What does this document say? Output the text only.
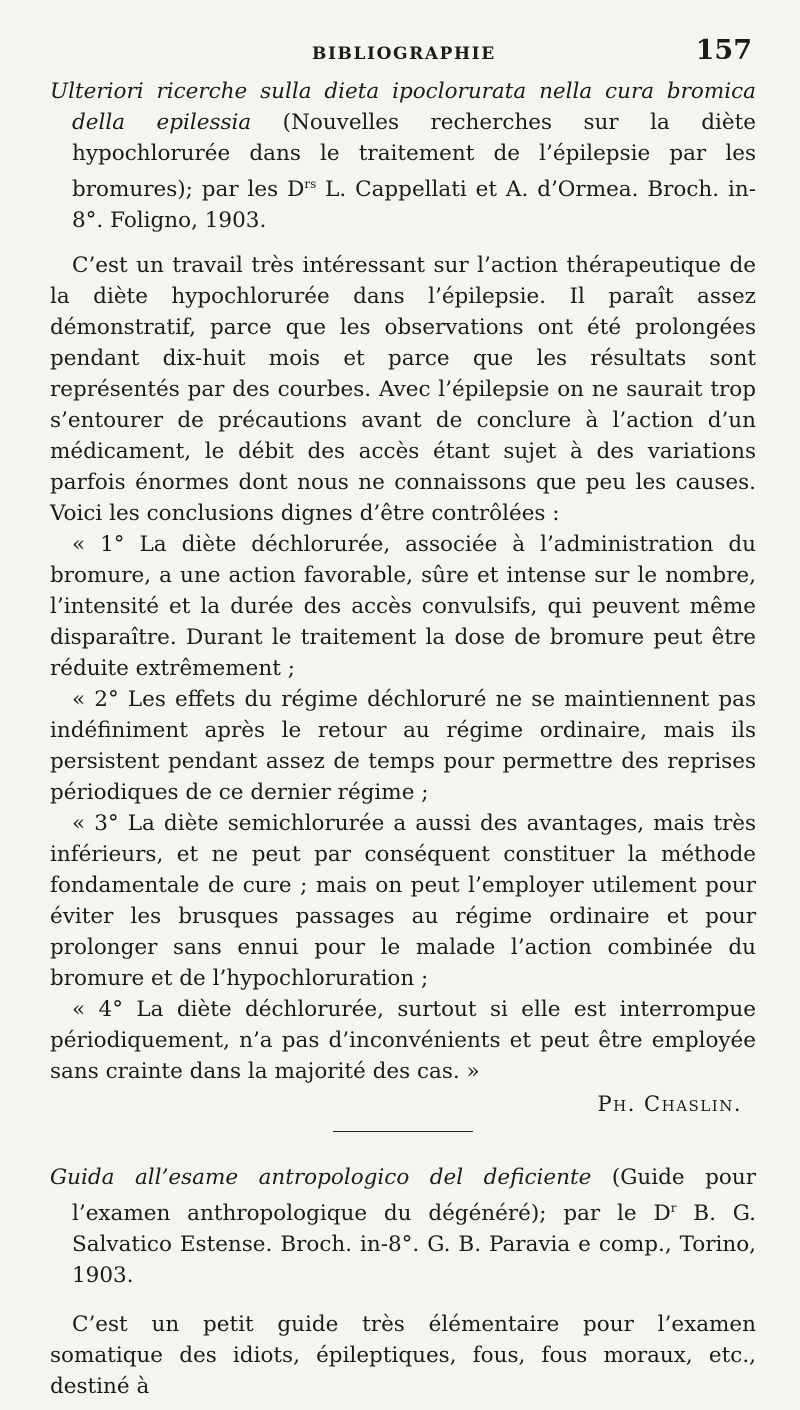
BIBLIOGRAPHIE	157
Ulteriori ricerche sulla dieta ipoclorurata nella cura bromica della epilessia (Nouvelles recherches sur la diète hypochlorurée dans le traitement de l’épilepsie par les bromures); par les $D^{rs}$ L. Cappellati et A. d’Ormea. Broch. in-8°. Foligno, 1903.

C’est un travail très intéressant sur l’action thérapeutique de la diète hypochlorurée dans l’épilepsie. Il paraît assez démonstratif, parce que les observations ont été prolongées pendant dix-huit mois et parce que les résultats sont représentés par des courbes. Avec l’épilepsie on ne saurait trop s’entourer de précautions avant de conclure à l’action d’un médicament, le débit des accès étant sujet à des variations parfois énormes dont nous ne connaissons que peu les causes. Voici les conclusions dignes d’être contrôlées :

« 1° La diète déchlorurée, associée à l’administration du bromure, a une action favorable, sûre et intense sur le nombre, l’intensité et la durée des accès convulsifs, qui peuvent même disparaître. Durant le traitement la dose de bromure peut être réduite extrêmement ;

« 2° Les effets du régime déchloruré ne se maintiennent pas indéfiniment après le retour au régime ordinaire, mais ils persistent pendant assez de temps pour permettre des reprises périodiques de ce dernier régime ;

« 3° La diète semichlorurée a aussi des avantages, mais très inférieurs, et ne peut par conséquent constituer la méthode fondamentale de cure ; mais on peut l’employer utilement pour éviter les brusques passages au régime ordinaire et pour prolonger sans ennui pour le malade l’action combinée du bromure et de l’hypochloruration ;

« 4° La diète déchlorurée, surtout si elle est interrompue périodiquement, n’a pas d’inconvénients et peut être employée sans crainte dans la majorité des cas. »

Ph. Chaslin.
Guida all’esame antropologico del deficiente (Guide pour l’examen anthropologique du dégénéré); par le $D^r$ B. G. Salvatico Estense. Broch. in-8°. G. B. Paravia e comp., Torino, 1903.

C’est un petit guide très élémentaire pour l’examen somatique des idiots, épileptiques, fous, fous moraux, etc., destiné à
